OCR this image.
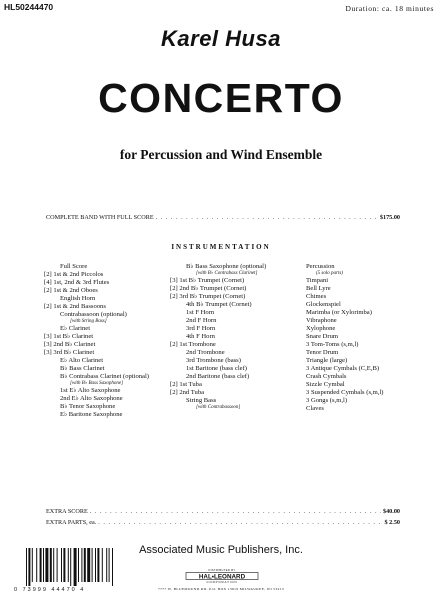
HL50244470	Duration: ca. 18 minutes
Karel Husa
CONCERTO
for Percussion and Wind Ensemble
COMPLETE BAND WITH FULL SCORE . . .	$175.00
INSTRUMENTATION
Full Score
[2] 1st & 2nd Piccolos
[4] 1st, 2nd & 3rd Flutes
[2] 1st & 2nd Oboes
English Horn
[2] 1st & 2nd Bassoons
Contrabassoon (optional)
[with String Bass]
E♭ Clarinet
[3] 1st B♭ Clarinet
[3] 2nd B♭ Clarinet
[3] 3rd B♭ Clarinet
E♭ Alto Clarinet
B♭ Bass Clarinet
B♭ Contrabass Clarinet (optional)
[with B♭ Bass Saxophone]
1st E♭ Alto Saxophone
2nd E♭ Alto Saxophone
B♭ Tenor Saxophone
E♭ Baritone Saxophone
B♭ Bass Saxophone (optional)
[with B♭ Contrabass Clarinet]
[3] 1st B♭ Trumpet (Cornet)
[2] 2nd B♭ Trumpet (Cornet)
[2] 3rd B♭ Trumpet (Cornet)
4th B♭ Trumpet (Cornet)
1st F Horn
2nd F Horn
3rd F Horn
4th F Horn
[2] 1st Trombone
2nd Trombone
3rd Trombone (bass)
1st Baritone (bass clef)
2nd Baritone (bass clef)
[2] 1st Tuba
[2] 2nd Tuba
String Bass
[with Contrabassoon]
Percussion
(5 solo parts)
Timpani
Bell Lyre
Chimes
Glockenspiel
Marimba (or Xylorimba)
Vibraphone
Xylophone
Snare Drum
3 Tom-Toms (s,m,l)
Tenor Drum
Triangle (large)
3 Antique Cymbals (C,E,B)
Crash Cymbals
Sizzle Cymbal
3 Suspended Cymbals (s,m,l)
3 Gongs (s,m,l)
Claves
EXTRA SCORE . . .	$40.00
EXTRA PARTS, ea. . . .	$ 2.50
Associated Music Publishers, Inc.
0 73999 44470 4
DISTRIBUTED BY
HAL•LEONARD
CORPORATION
7777 W. BLUEMOUND RD. P.O. BOX 13819 MILWAUKEE, WI 53213
